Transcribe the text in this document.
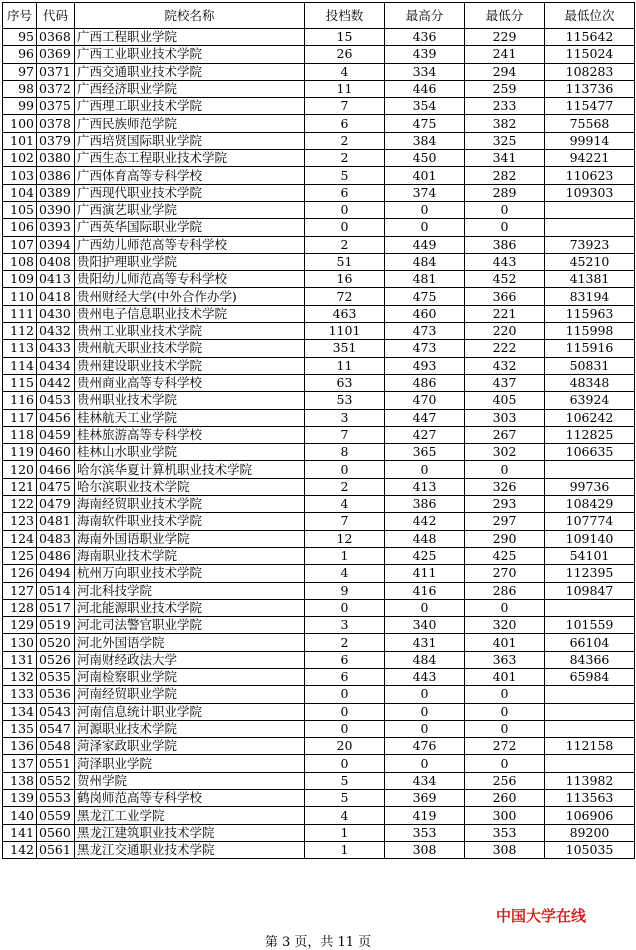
序号	代码	院校名称	投档数	最高分	最低分	最低位次
95	0368	广西工程职业学院	15	436	229	115642
96	0369	广西工业职业技术学院	26	439	241	115024
97	0371	广西交通职业技术学院	4	334	294	108283
98	0372	广西经济职业学院	11	446	259	113736
99	0375	广西理工职业技术学院	7	354	233	115477
100	0378	广西民族师范学院	6	475	382	75568
101	0379	广西培贤国际职业学院	2	384	325	99914
102	0380	广西生态工程职业技术学院	2	450	341	94221
103	0386	广西体育高等专科学校	5	401	282	110623
104	0389	广西现代职业技术学院	6	374	289	109303
105	0390	广西演艺职业学院	0	0	0	
106	0393	广西英华国际职业学院	0	0	0	
107	0394	广西幼儿师范高等专科学校	2	449	386	73923
108	0408	贵阳护理职业学院	51	484	443	45210
109	0413	贵阳幼儿师范高等专科学校	16	481	452	41381
110	0418	贵州财经大学(中外合作办学)	72	475	366	83194
111	0430	贵州电子信息职业技术学院	463	460	221	115963
112	0432	贵州工业职业技术学院	1101	473	220	115998
113	0433	贵州航天职业技术学院	351	473	222	115916
114	0434	贵州建设职业技术学院	11	493	432	50831
115	0442	贵州商业高等专科学校	63	486	437	48348
116	0453	贵州职业技术学院	53	470	405	63924
117	0456	桂林航天工业学院	3	447	303	106242
118	0459	桂林旅游高等专科学校	7	427	267	112825
119	0460	桂林山水职业学院	8	365	302	106635
120	0466	哈尔滨华夏计算机职业技术学院	0	0	0	
121	0475	哈尔滨职业技术学院	2	413	326	99736
122	0479	海南经贸职业技术学院	4	386	293	108429
123	0481	海南软件职业技术学院	7	442	297	107774
124	0483	海南外国语职业学院	12	448	290	109140
125	0486	海南职业技术学院	1	425	425	54101
126	0494	杭州万向职业技术学院	4	411	270	112395
127	0514	河北科技学院	9	416	286	109847
128	0517	河北能源职业技术学院	0	0	0	
129	0519	河北司法警官职业学院	3	340	320	101559
130	0520	河北外国语学院	2	431	401	66104
131	0526	河南财经政法大学	6	484	363	84366
132	0535	河南检察职业学院	6	443	401	65984
133	0536	河南经贸职业学院	0	0	0	
134	0543	河南信息统计职业学院	0	0	0	
135	0547	河源职业技术学院	0	0	0	
136	0548	菏泽家政职业学院	20	476	272	112158
137	0551	菏泽职业学院	0	0	0	
138	0552	贺州学院	5	434	256	113982
139	0553	鹤岗师范高等专科学校	5	369	260	113563
140	0559	黑龙江工业学院	4	419	300	106906
141	0560	黑龙江建筑职业技术学院	1	353	353	89200
142	0561	黑龙江交通职业技术学院	1	308	308	105035
中国大学在线
第 3 页，共 11 页
